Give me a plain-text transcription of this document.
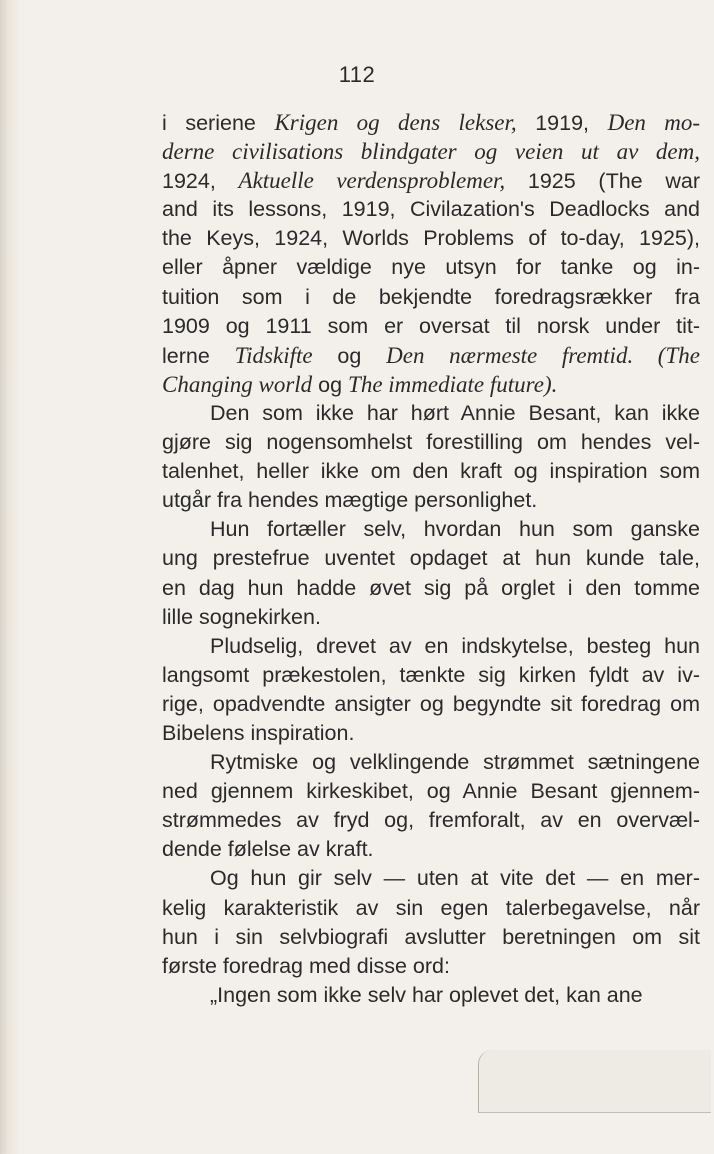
112
i seriene Krigen og dens lekser, 1919, Den mo-
derne civilisations blindgater og veien ut av dem,
1924, Aktuelle verdensproblemer, 1925 (The war
and its lessons, 1919, Civilazation's Deadlocks and
the Keys, 1924, Worlds Problems of to-day, 1925),
eller åpner vældige nye utsyn for tanke og in-
tuition som i de bekjendte foredragsrækker fra
1909 og 1911 som er oversat til norsk under tit-
lerne Tidskifte og Den nærmeste fremtid. (The
Changing world og The immediate future).
Den som ikke har hørt Annie Besant, kan ikke
gjøre sig nogensomhelst forestilling om hendes vel-
talenhet, heller ikke om den kraft og inspiration som
utgår fra hendes mægtige personlighet.
Hun fortæller selv, hvordan hun som ganske
ung prestefrue uventet opdaget at hun kunde tale,
en dag hun hadde øvet sig på orglet i den tomme
lille sognekirken.
Pludselig, drevet av en indskytelse, besteg hun
langsomt prækestolen, tænkte sig kirken fyldt av iv-
rige, opadvendte ansigter og begyndte sit foredrag om
Bibelens inspiration.
Rytmiske og velklingende strømmet sætningene
ned gjennem kirkeskibet, og Annie Besant gjennem-
strømmedes av fryd og, fremforalt, av en overvæl-
dende følelse av kraft.
Og hun gir selv — uten at vite det — en mer-
kelig karakteristik av sin egen talerbegavelse, når
hun i sin selvbiografi avslutter beretningen om sit
første foredrag med disse ord:
„Ingen som ikke selv har oplevet det, kan ane
